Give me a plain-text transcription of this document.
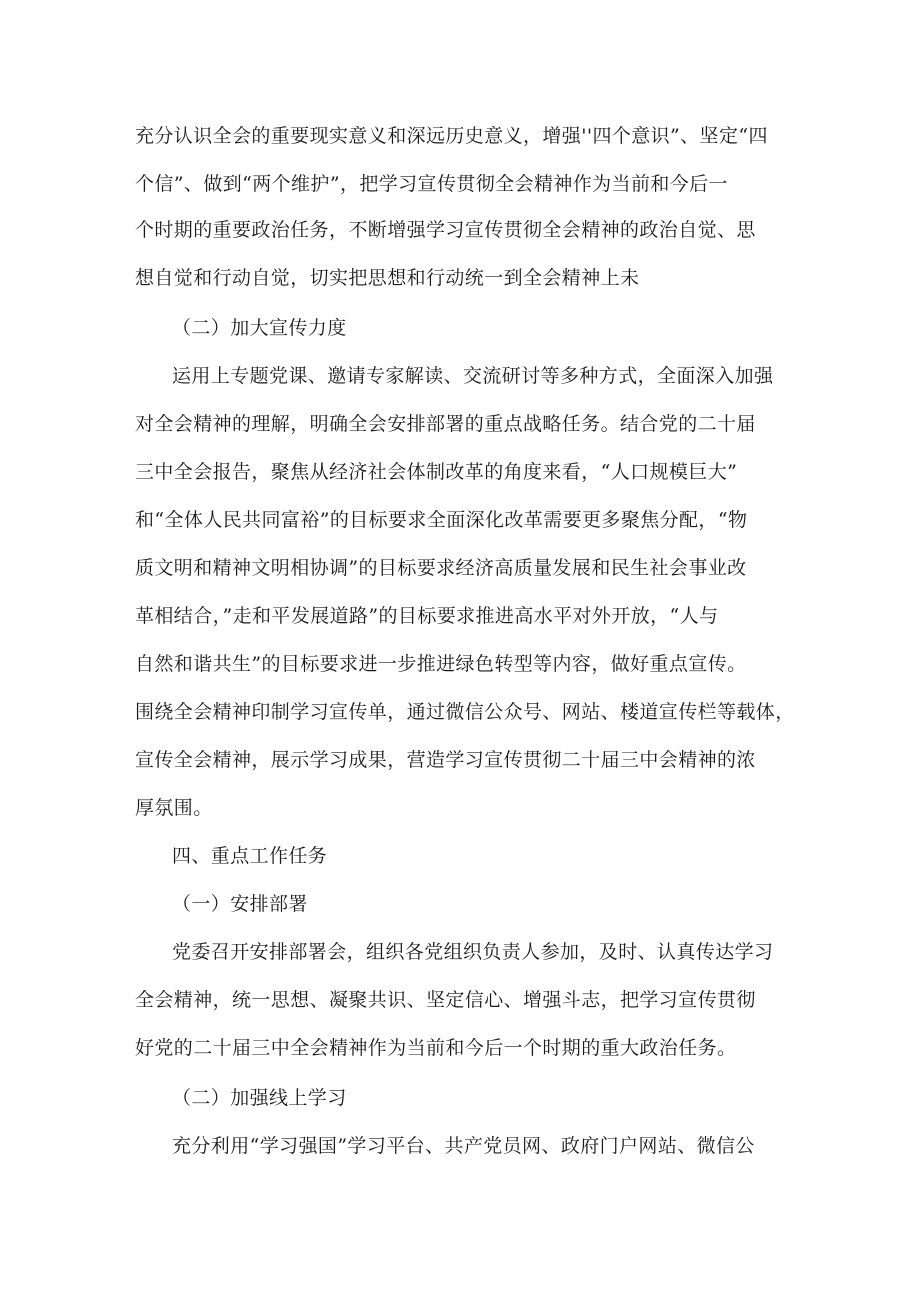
充分认识全会的重要现实意义和深远历史意义，增强''四个意识”、坚定“四
个信”、做到“两个维护”，把学习宣传贯彻全会精神作为当前和今后一
个时期的重要政治任务，不断增强学习宣传贯彻全会精神的政治自觉、思
想自觉和行动自觉，切实把思想和行动统一到全会精神上未
（二）加大宣传力度
运用上专题党课、邀请专家解读、交流研讨等多种方式，全面深入加强
对全会精神的理解，明确全会安排部署的重点战略任务。结合党的二十届
三中全会报告，聚焦从经济社会体制改革的角度来看，“人口规模巨大”
和“全体人民共同富裕”的目标要求全面深化改革需要更多聚焦分配，“物
质文明和精神文明相协调”的目标要求经济高质量发展和民生社会事业改
革相结合，”走和平发展道路”的目标要求推进高水平对外开放，“人与
自然和谐共生”的目标要求进一步推进绿色转型等内容，做好重点宣传。
围绕全会精神印制学习宣传单，通过微信公众号、网站、楼道宣传栏等载体，
宣传全会精神，展示学习成果，营造学习宣传贯彻二十届三中会精神的浓
厚氛围。
四、重点工作任务
（一）安排部署
党委召开安排部署会，组织各党组织负责人参加，及时、认真传达学习
全会精神，统一思想、凝聚共识、坚定信心、增强斗志，把学习宣传贯彻
好党的二十届三中全会精神作为当前和今后一个时期的重大政治任务。
（二）加强线上学习
充分利用“学习强国”学习平台、共产党员网、政府门户网站、微信公
